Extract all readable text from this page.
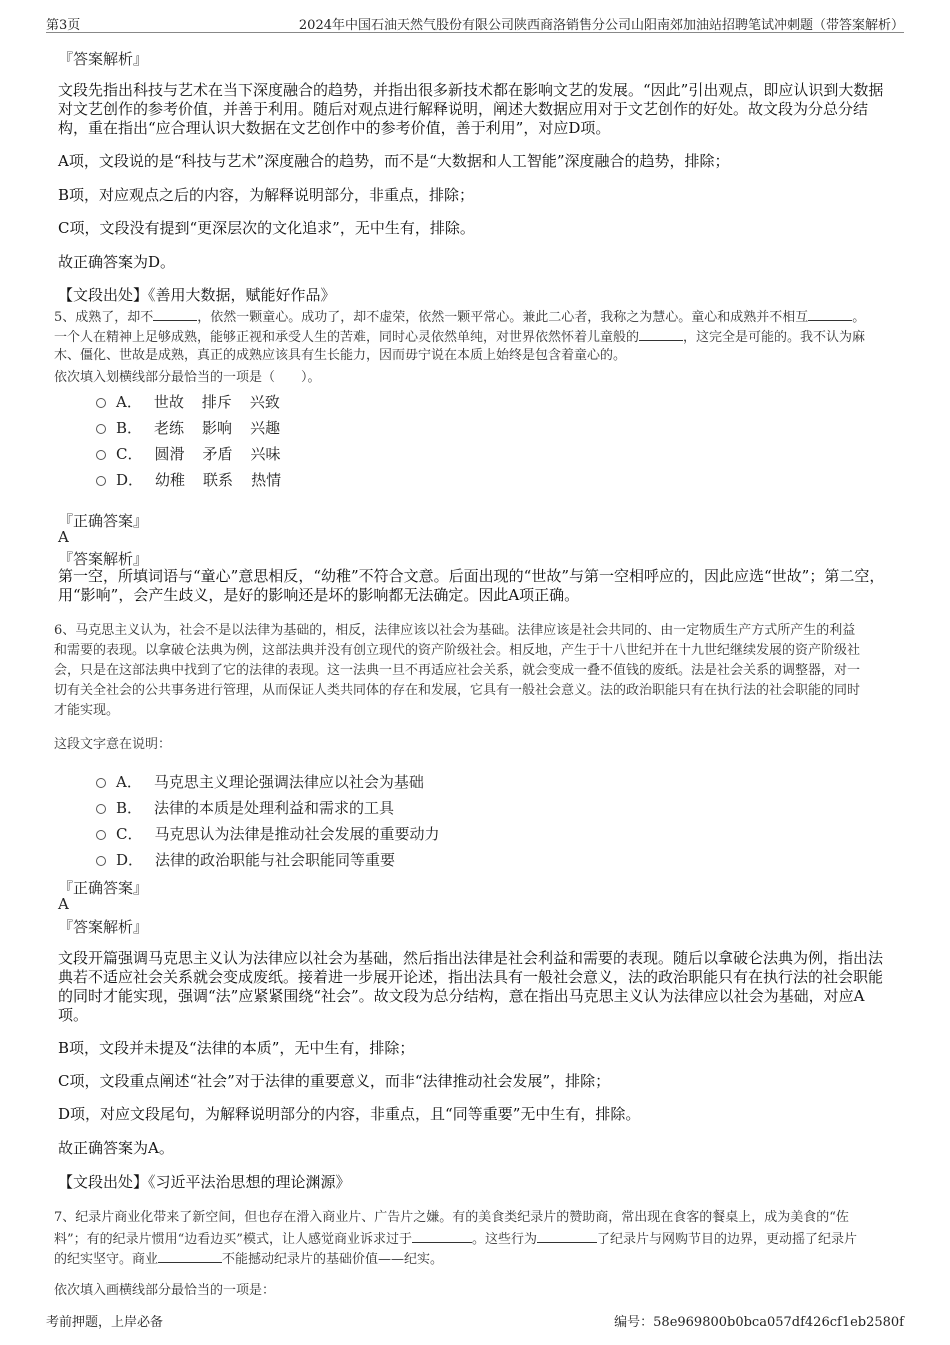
第3页	2024年中国石油天然气股份有限公司陕西商洛销售分公司山阳南郊加油站招聘笔试冲刺题（带答案解析）
『答案解析』
文段先指出科技与艺术在当下深度融合的趋势，并指出很多新技术都在影响文艺的发展。“因此”引出观点，即应认识到大数据对文艺创作的参考价值，并善于利用。随后对观点进行解释说明，阐述大数据应用对于文艺创作的好处。故文段为分总分结构，重在指出“应合理认识大数据在文艺创作中的参考价值，善于利用”，对应D项。
A项，文段说的是“科技与艺术”深度融合的趋势，而不是“大数据和人工智能”深度融合的趋势，排除；
B项，对应观点之后的内容，为解释说明部分，非重点，排除；
C项，文段没有提到“更深层次的文化追求”，无中生有，排除。
故正确答案为D。
【文段出处】《善用大数据，赋能好作品》
5、成熟了，却不	，依然一颗童心。成功了，却不虚荣，依然一颗平常心。兼此二心者，我称之为慧心。童心和成熟并不相互	。
一个人在精神上足够成熟，能够正视和承受人生的苦难，同时心灵依然单纯，对世界依然怀着儿童般的	，这完全是可能的。我不认为麻
木、僵化、世故是成熟，真正的成熟应该具有生长能力，因而毋宁说在本质上始终是包含着童心的。
依次填入划横线部分最恰当的一项是（　　）。
A． 世故 排斥 兴致
B． 老练 影响 兴趣
C． 圆滑 矛盾 兴味
D． 幼稚 联系 热情
『正确答案』
A
『答案解析』
第一空，所填词语与“童心”意思相反，“幼稚”不符合文意。后面出现的“世故”与第一空相呼应的，因此应选“世故”；第二空，
用“影响”，会产生歧义，是好的影响还是坏的影响都无法确定。因此A项正确。
6、马克思主义认为，社会不是以法律为基础的，相反，法律应该以社会为基础。法律应该是社会共同的、由一定物质生产方式所产生的利益
和需要的表现。以拿破仑法典为例，这部法典并没有创立现代的资产阶级社会。相反地，产生于十八世纪并在十九世纪继续发展的资产阶级社
会，只是在这部法典中找到了它的法律的表现。这一法典一旦不再适应社会关系，就会变成一叠不值钱的废纸。法是社会关系的调整器，对一
切有关全社会的公共事务进行管理，从而保证人类共同体的存在和发展，它具有一般社会意义。法的政治职能只有在执行法的社会职能的同时
才能实现。
这段文字意在说明：
A． 马克思主义理论强调法律应以社会为基础
B． 法律的本质是处理利益和需求的工具
C． 马克思认为法律是推动社会发展的重要动力
D． 法律的政治职能与社会职能同等重要
『正确答案』
A
『答案解析』
文段开篇强调马克思主义认为法律应以社会为基础，然后指出法律是社会利益和需要的表现。随后以拿破仑法典为例，指出法典若不适应社会关系就会变成废纸。接着进一步展开论述，指出法具有一般社会意义，法的政治职能只有在执行法的社会职能的同时才能实现，强调“法”应紧紧围绕“社会”。故文段为总分结构，意在指出马克思主义认为法律应以社会为基础，对应A项。
B项，文段并未提及“法律的本质”，无中生有，排除；
C项，文段重点阐述“社会”对于法律的重要意义，而非“法律推动社会发展”，排除；
D项，对应文段尾句，为解释说明部分的内容，非重点，且“同等重要”无中生有，排除。
故正确答案为A。
【文段出处】《习近平法治思想的理论渊源》
7、纪录片商业化带来了新空间，但也存在滑入商业片、广告片之嫌。有的美食类纪录片的赞助商，常出现在食客的餐桌上，成为美食的“佐
料”；有的纪录片惯用“边看边买”模式，让人感觉商业诉求过于	。这些行为	了纪录片与网购节目的边界，更动摇了纪录片
的纪实坚守。商业	不能撼动纪录片的基础价值——纪实。
依次填入画横线部分最恰当的一项是：
考前押题，上岸必备	编号：58e969800b0bca057df426cf1eb2580f
